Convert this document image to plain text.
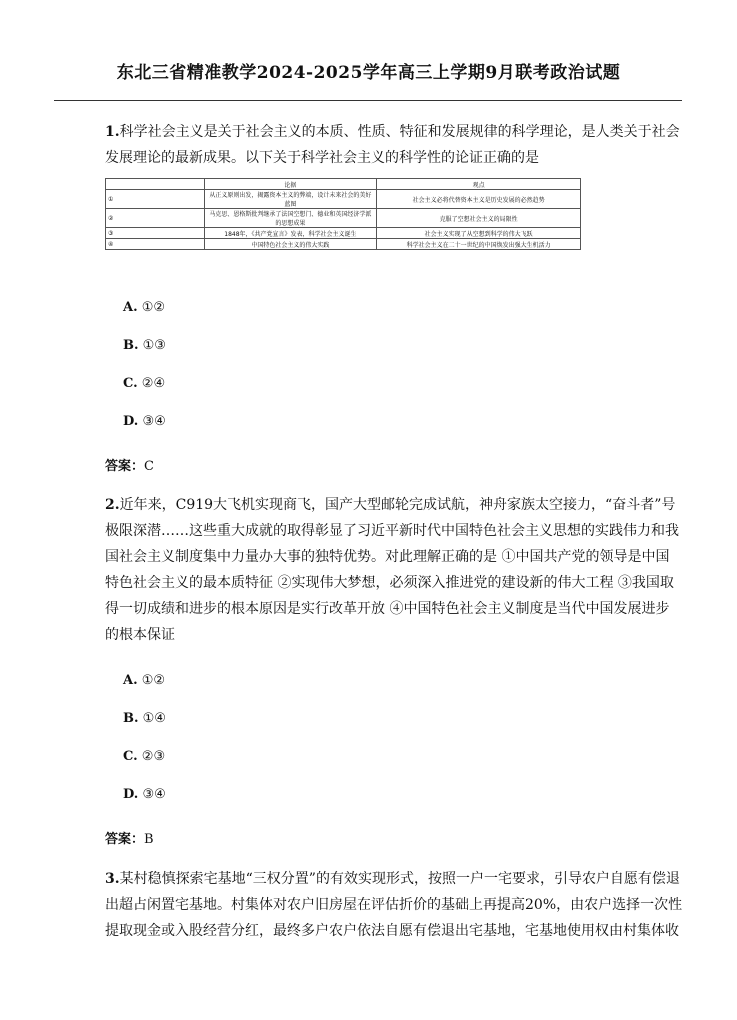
东北三省精准教学2024-2025学年高三上学期9月联考政治试题
1.科学社会主义是关于社会主义的本质、性质、特征和发展规律的科学理论，是人类关于社会
发展理论的最新成果。以下关于科学社会主义的科学性的论证正确的是
	论据	观点
①	从正义原则出发，揭露资本主义的弊端，设计未来社会的美好蓝图	社会主义必将代替资本主义是历史发展的必然趋势
②	马克思、恩格斯批判继承了法国空想门、德业和英国经济学派的思想成果	克服了空想社会主义的局限性
③	1848年，《共产党宣言》发表，科学社会主义诞生	社会主义实现了从空想到科学的伟大飞跃
④	中国特色社会主义的伟大实践	科学社会主义在二十一世纪的中国焕发出强大生机活力
A. ①②
B. ①③
C. ②④
D. ③④
答案：C
2.近年来，C919大飞机实现商飞，国产大型邮轮完成试航，神舟家族太空接力，“奋斗者”号
极限深潜……这些重大成就的取得彰显了习近平新时代中国特色社会主义思想的实践伟力和我
国社会主义制度集中力量办大事的独特优势。对此理解正确的是 ①中国共产党的领导是中国
特色社会主义的最本质特征 ②实现伟大梦想，必须深入推进党的建设新的伟大工程 ③我国取
得一切成绩和进步的根本原因是实行改革开放 ④中国特色社会主义制度是当代中国发展进步
的根本保证
A. ①②
B. ①④
C. ②③
D. ③④
答案：B
3.某村稳慎探索宅基地“三权分置”的有效实现形式，按照一户一宅要求，引导农户自愿有偿退
出超占闲置宅基地。村集体对农户旧房屋在评估折价的基础上再提高20%，由农户选择一次性
提取现金或入股经营分红，最终多户农户依法自愿有偿退出宅基地，宅基地使用权由村集体收
